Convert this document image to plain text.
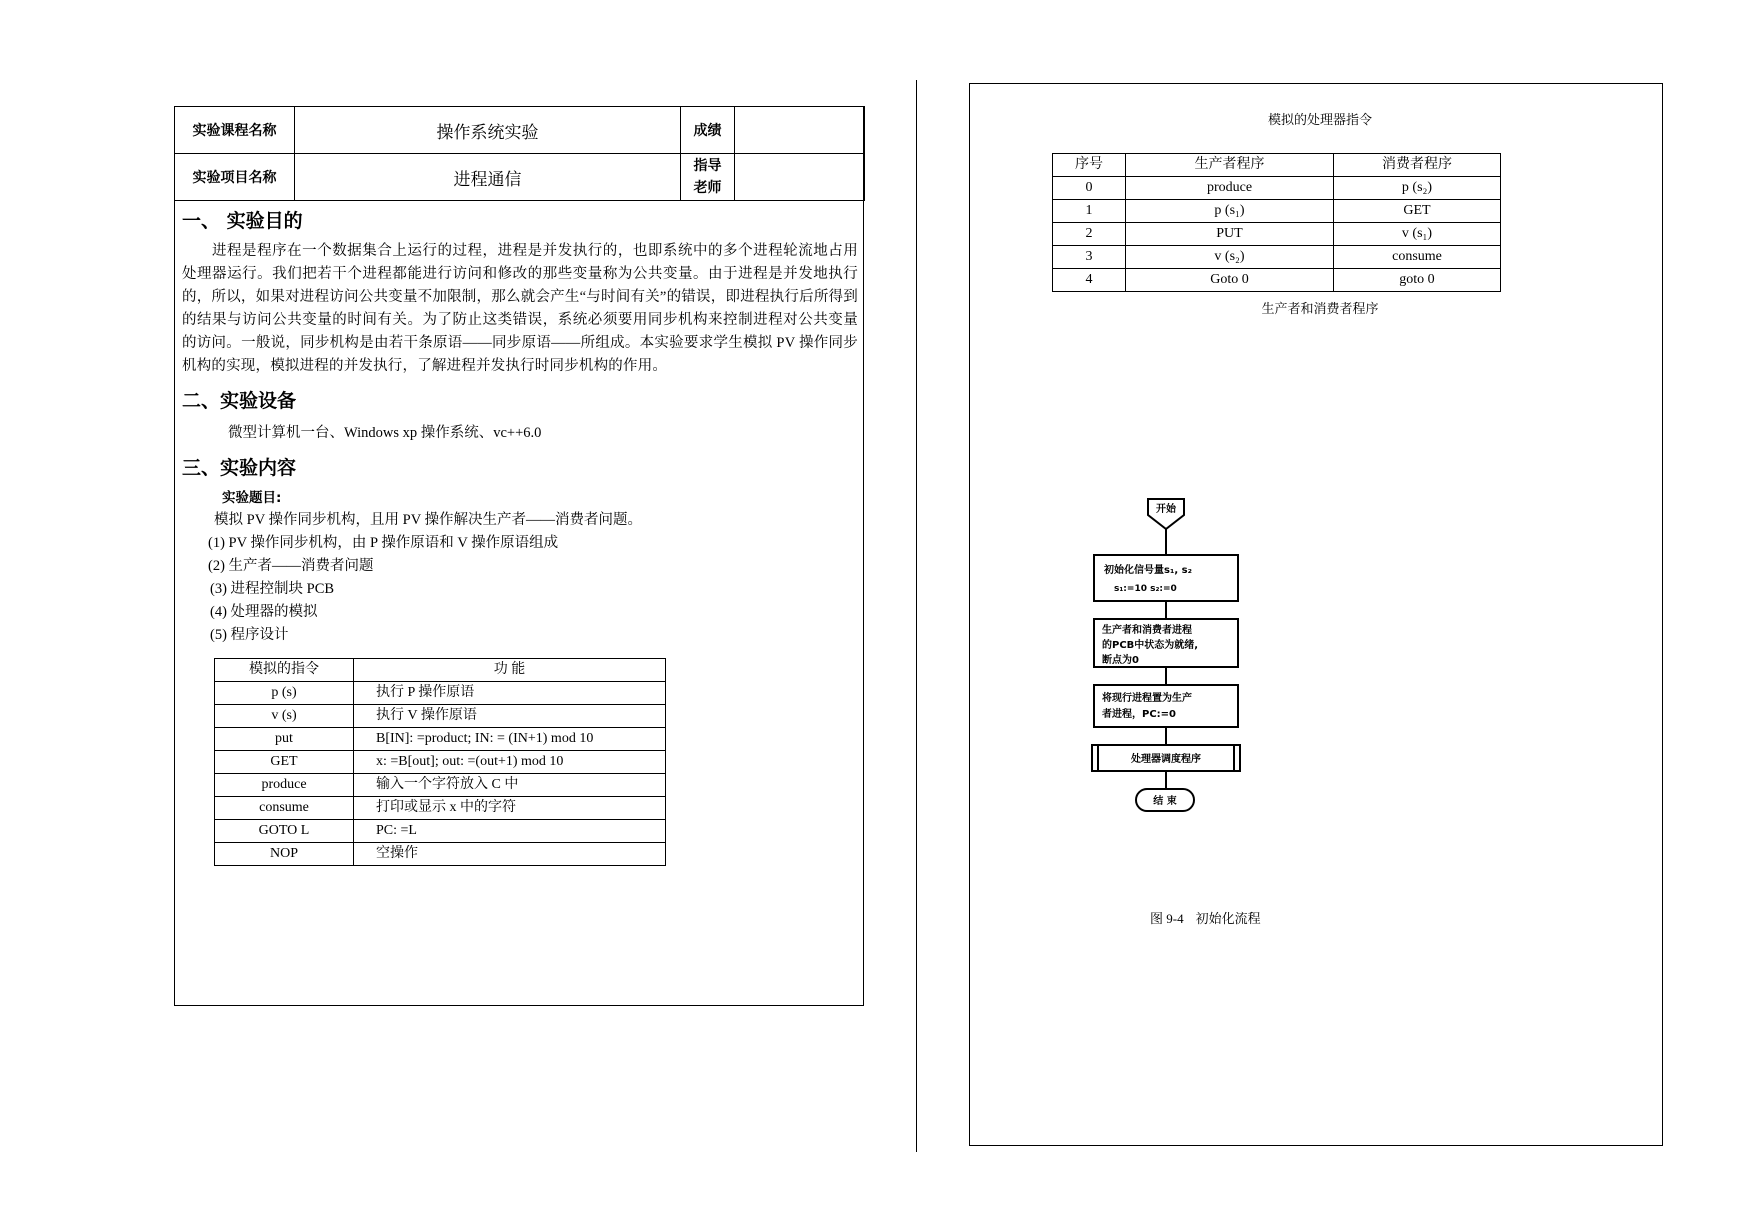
实验课程名称	操作系统实验	成绩	
实验项目名称	进程通信	指导
老师	

一、 实验目的

进程是程序在一个数据集合上运行的过程，进程是并发执行的，也即系统中的多个进程轮流地占用处理器运行。我们把若干个进程都能进行访问和修改的那些变量称为公共变量。由于进程是并发地执行的，所以，如果对进程访问公共变量不加限制，那么就会产生“与时间有关”的错误，即进程执行后所得到的结果与访问公共变量的时间有关。为了防止这类错误，系统必须要用同步机构来控制进程对公共变量的访问。一般说，同步机构是由若干条原语——同步原语——所组成。本实验要求学生模拟 PV 操作同步机构的实现，模拟进程的并发执行，了解进程并发执行时同步机构的作用。

二、实验设备

微型计算机一台、Windows xp 操作系统、vc++6.0

三、实验内容

实验题目:

模拟 PV 操作同步机构，且用 PV 操作解决生产者——消费者问题。

(1) PV 操作同步机构，由 P 操作原语和 V 操作原语组成

(2) 生产者——消费者问题

(3) 进程控制块 PCB

(4) 处理器的模拟

(5) 程序设计

模拟的指令	功 能
p (s)	执行 P 操作原语
v (s)	执行 V 操作原语
put	B[IN]: =product; IN: = (IN+1) mod 10
GET	x: =B[out]; out: =(out+1) mod 10
produce	输入一个字符放入 C 中
consume	打印或显示 x 中的字符
GOTO L	PC: =L
NOP	空操作
模拟的处理器指令
序号	生产者程序	消费者程序
0	produce	p (s₂)
1	p (s₁)	GET
2	PUT	v (s₁)
3	v (s₂)	consume
4	Goto 0	goto 0
生产者和消费者程序
开始
初始化信号量s₁, s₂
s₁:=10 s₂:=0
生产者和消费者进程
的PCB中状态为就绪,
断点为0
将现行进程置为生产
者进程，PC:=0
处理器调度程序
结 束
图 9-4 初始化流程
